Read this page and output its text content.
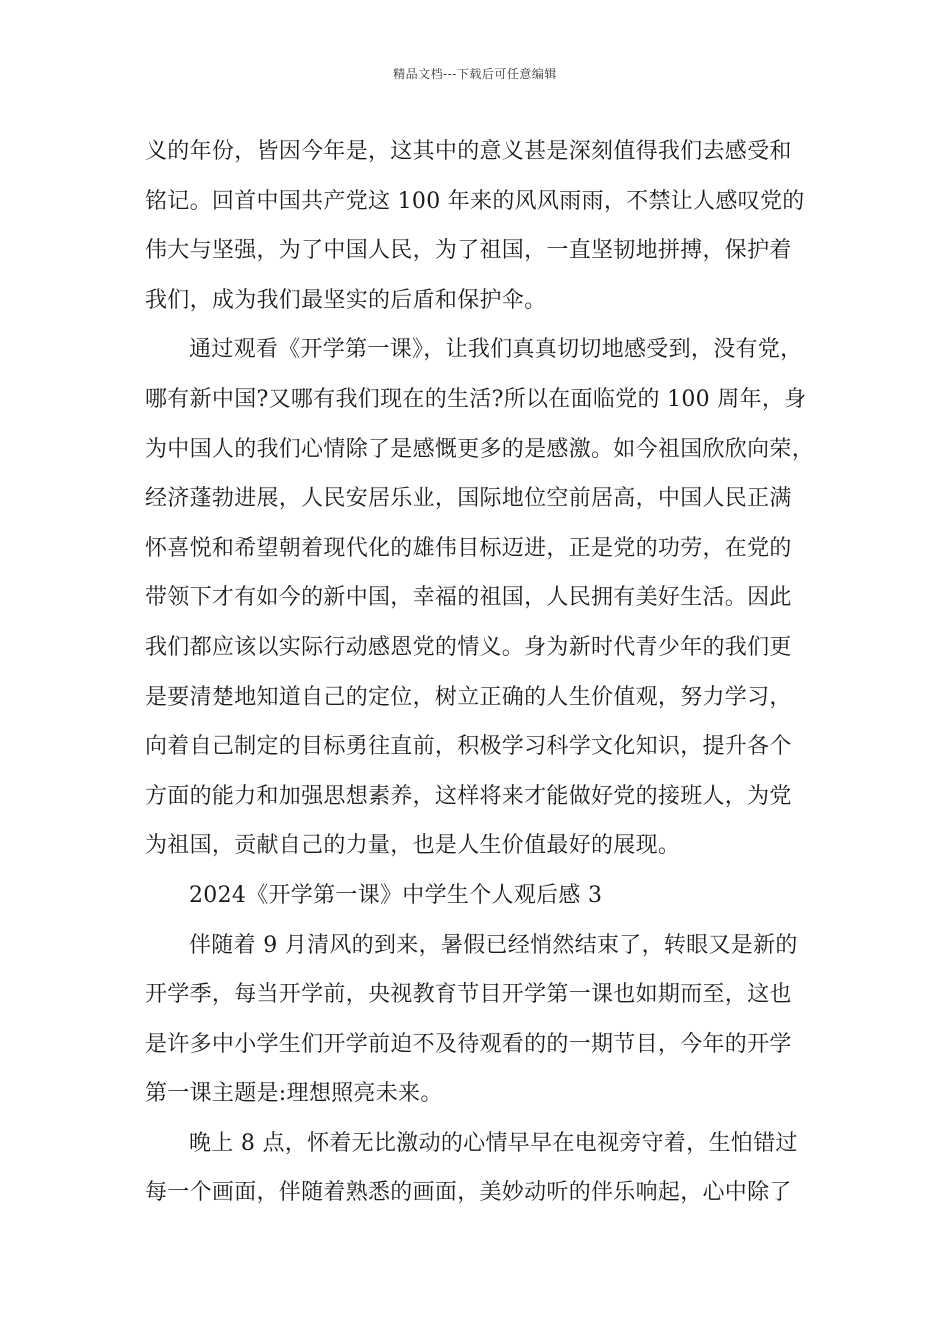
精品文档---下载后可任意编辑
义的年份，皆因今年是，这其中的意义甚是深刻值得我们去感受和
铭记。回首中国共产党这 100 年来的风风雨雨，不禁让人感叹党的
伟大与坚强，为了中国人民，为了祖国，一直坚韧地拼搏，保护着
我们，成为我们最坚实的后盾和保护伞。
通过观看《开学第一课》，让我们真真切切地感受到，没有党，
哪有新中国?又哪有我们现在的生活?所以在面临党的 100 周年，身
为中国人的我们心情除了是感慨更多的是感激。如今祖国欣欣向荣，
经济蓬勃进展，人民安居乐业，国际地位空前居高，中国人民正满
怀喜悦和希望朝着现代化的雄伟目标迈进，正是党的功劳，在党的
带领下才有如今的新中国，幸福的祖国，人民拥有美好生活。因此
我们都应该以实际行动感恩党的情义。身为新时代青少年的我们更
是要清楚地知道自己的定位，树立正确的人生价值观，努力学习，
向着自己制定的目标勇往直前，积极学习科学文化知识，提升各个
方面的能力和加强思想素养，这样将来才能做好党的接班人，为党
为祖国，贡献自己的力量，也是人生价值最好的展现。
2024《开学第一课》中学生个人观后感 3
伴随着 9 月清风的到来，暑假已经悄然结束了，转眼又是新的
开学季，每当开学前，央视教育节目开学第一课也如期而至，这也
是许多中小学生们开学前迫不及待观看的的一期节目，今年的开学
第一课主题是:理想照亮未来。
晚上 8 点，怀着无比激动的心情早早在电视旁守着，生怕错过
每一个画面，伴随着熟悉的画面，美妙动听的伴乐响起，心中除了
